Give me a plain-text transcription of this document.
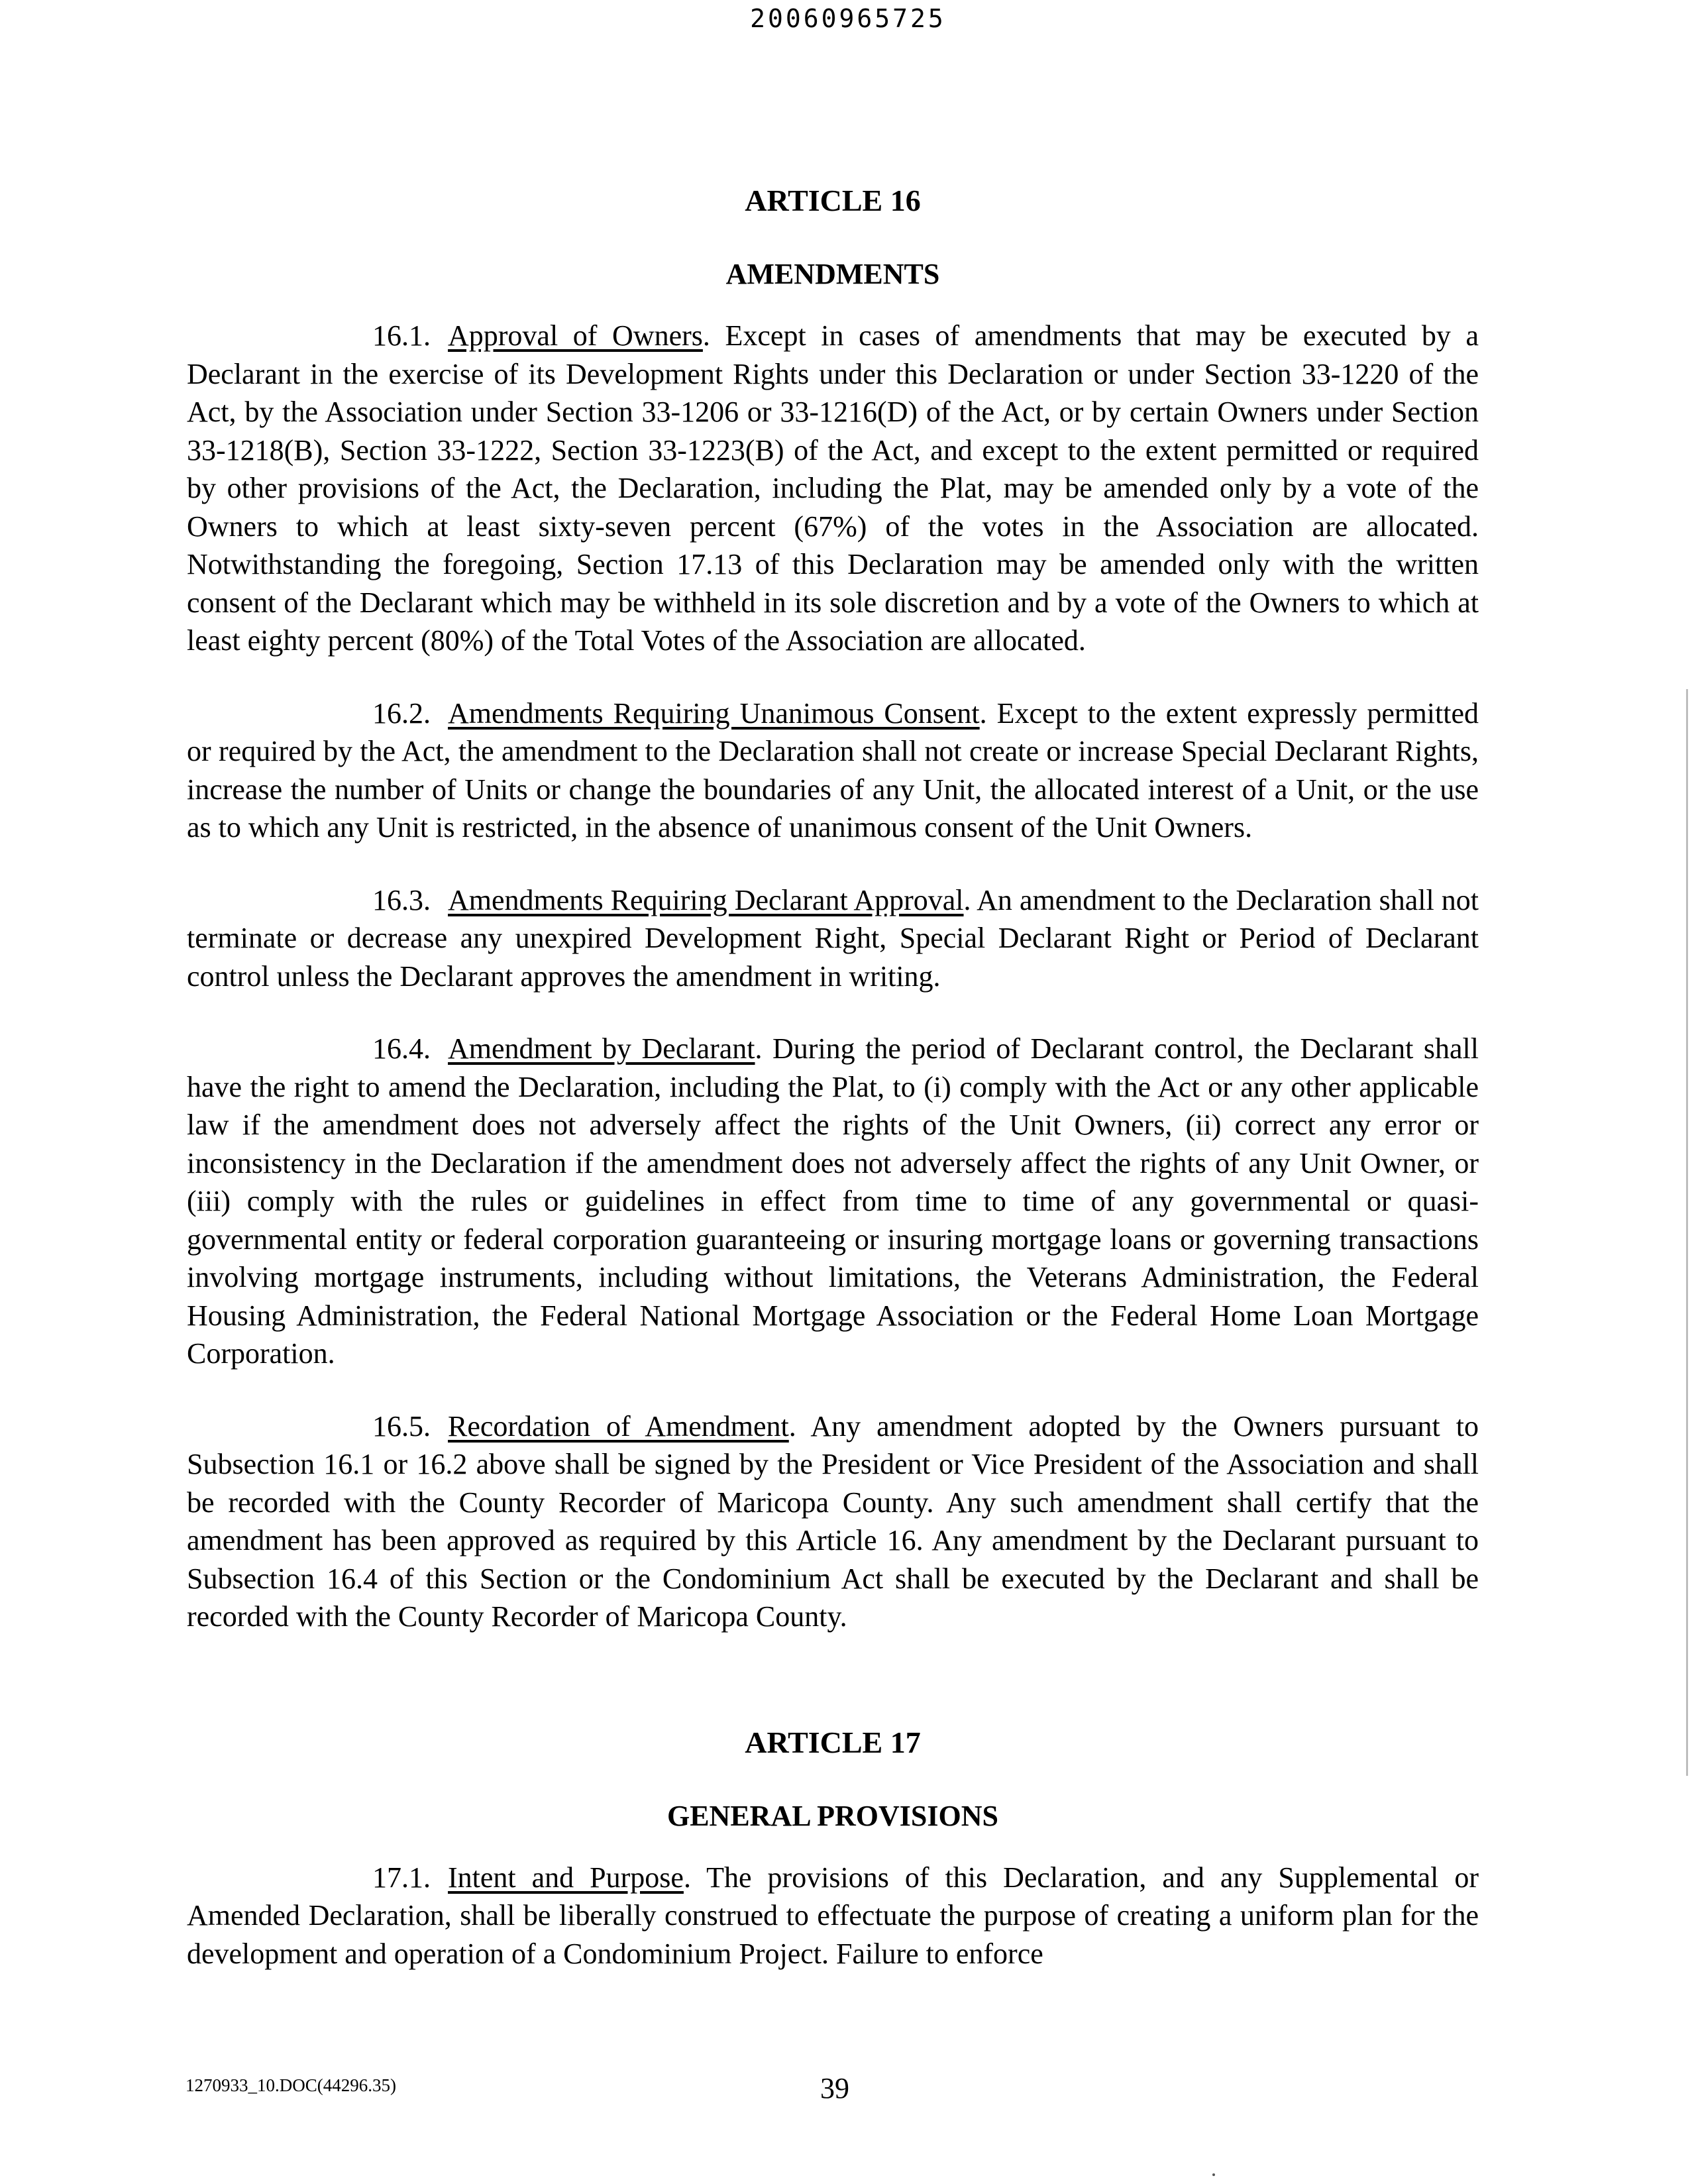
20060965725

ARTICLE 16

AMENDMENTS

16.1. Approval of Owners. Except in cases of amendments that may be executed by a Declarant in the exercise of its Development Rights under this Declaration or under Section 33-1220 of the Act, by the Association under Section 33-1206 or 33-1216(D) of the Act, or by certain Owners under Section 33-1218(B), Section 33-1222, Section 33-1223(B) of the Act, and except to the extent permitted or required by other provisions of the Act, the Declaration, including the Plat, may be amended only by a vote of the Owners to which at least sixty-seven percent (67%) of the votes in the Association are allocated. Notwithstanding the foregoing, Section 17.13 of this Declaration may be amended only with the written consent of the Declarant which may be withheld in its sole discretion and by a vote of the Owners to which at least eighty percent (80%) of the Total Votes of the Association are allocated.

16.2. Amendments Requiring Unanimous Consent. Except to the extent expressly permitted or required by the Act, the amendment to the Declaration shall not create or increase Special Declarant Rights, increase the number of Units or change the boundaries of any Unit, the allocated interest of a Unit, or the use as to which any Unit is restricted, in the absence of unanimous consent of the Unit Owners.

16.3. Amendments Requiring Declarant Approval. An amendment to the Declaration shall not terminate or decrease any unexpired Development Right, Special Declarant Right or Period of Declarant control unless the Declarant approves the amendment in writing.

16.4. Amendment by Declarant. During the period of Declarant control, the Declarant shall have the right to amend the Declaration, including the Plat, to (i) comply with the Act or any other applicable law if the amendment does not adversely affect the rights of the Unit Owners, (ii) correct any error or inconsistency in the Declaration if the amendment does not adversely affect the rights of any Unit Owner, or (iii) comply with the rules or guidelines in effect from time to time of any governmental or quasi-governmental entity or federal corporation guaranteeing or insuring mortgage loans or governing transactions involving mortgage instruments, including without limitations, the Veterans Administration, the Federal Housing Administration, the Federal National Mortgage Association or the Federal Home Loan Mortgage Corporation.

16.5. Recordation of Amendment. Any amendment adopted by the Owners pursuant to Subsection 16.1 or 16.2 above shall be signed by the President or Vice President of the Association and shall be recorded with the County Recorder of Maricopa County. Any such amendment shall certify that the amendment has been approved as required by this Article 16. Any amendment by the Declarant pursuant to Subsection 16.4 of this Section or the Condominium Act shall be executed by the Declarant and shall be recorded with the County Recorder of Maricopa County.

ARTICLE 17

GENERAL PROVISIONS

17.1. Intent and Purpose. The provisions of this Declaration, and any Supplemental or Amended Declaration, shall be liberally construed to effectuate the purpose of creating a uniform plan for the development and operation of a Condominium Project. Failure to enforce

1270933_10.DOC(44296.35)	39
